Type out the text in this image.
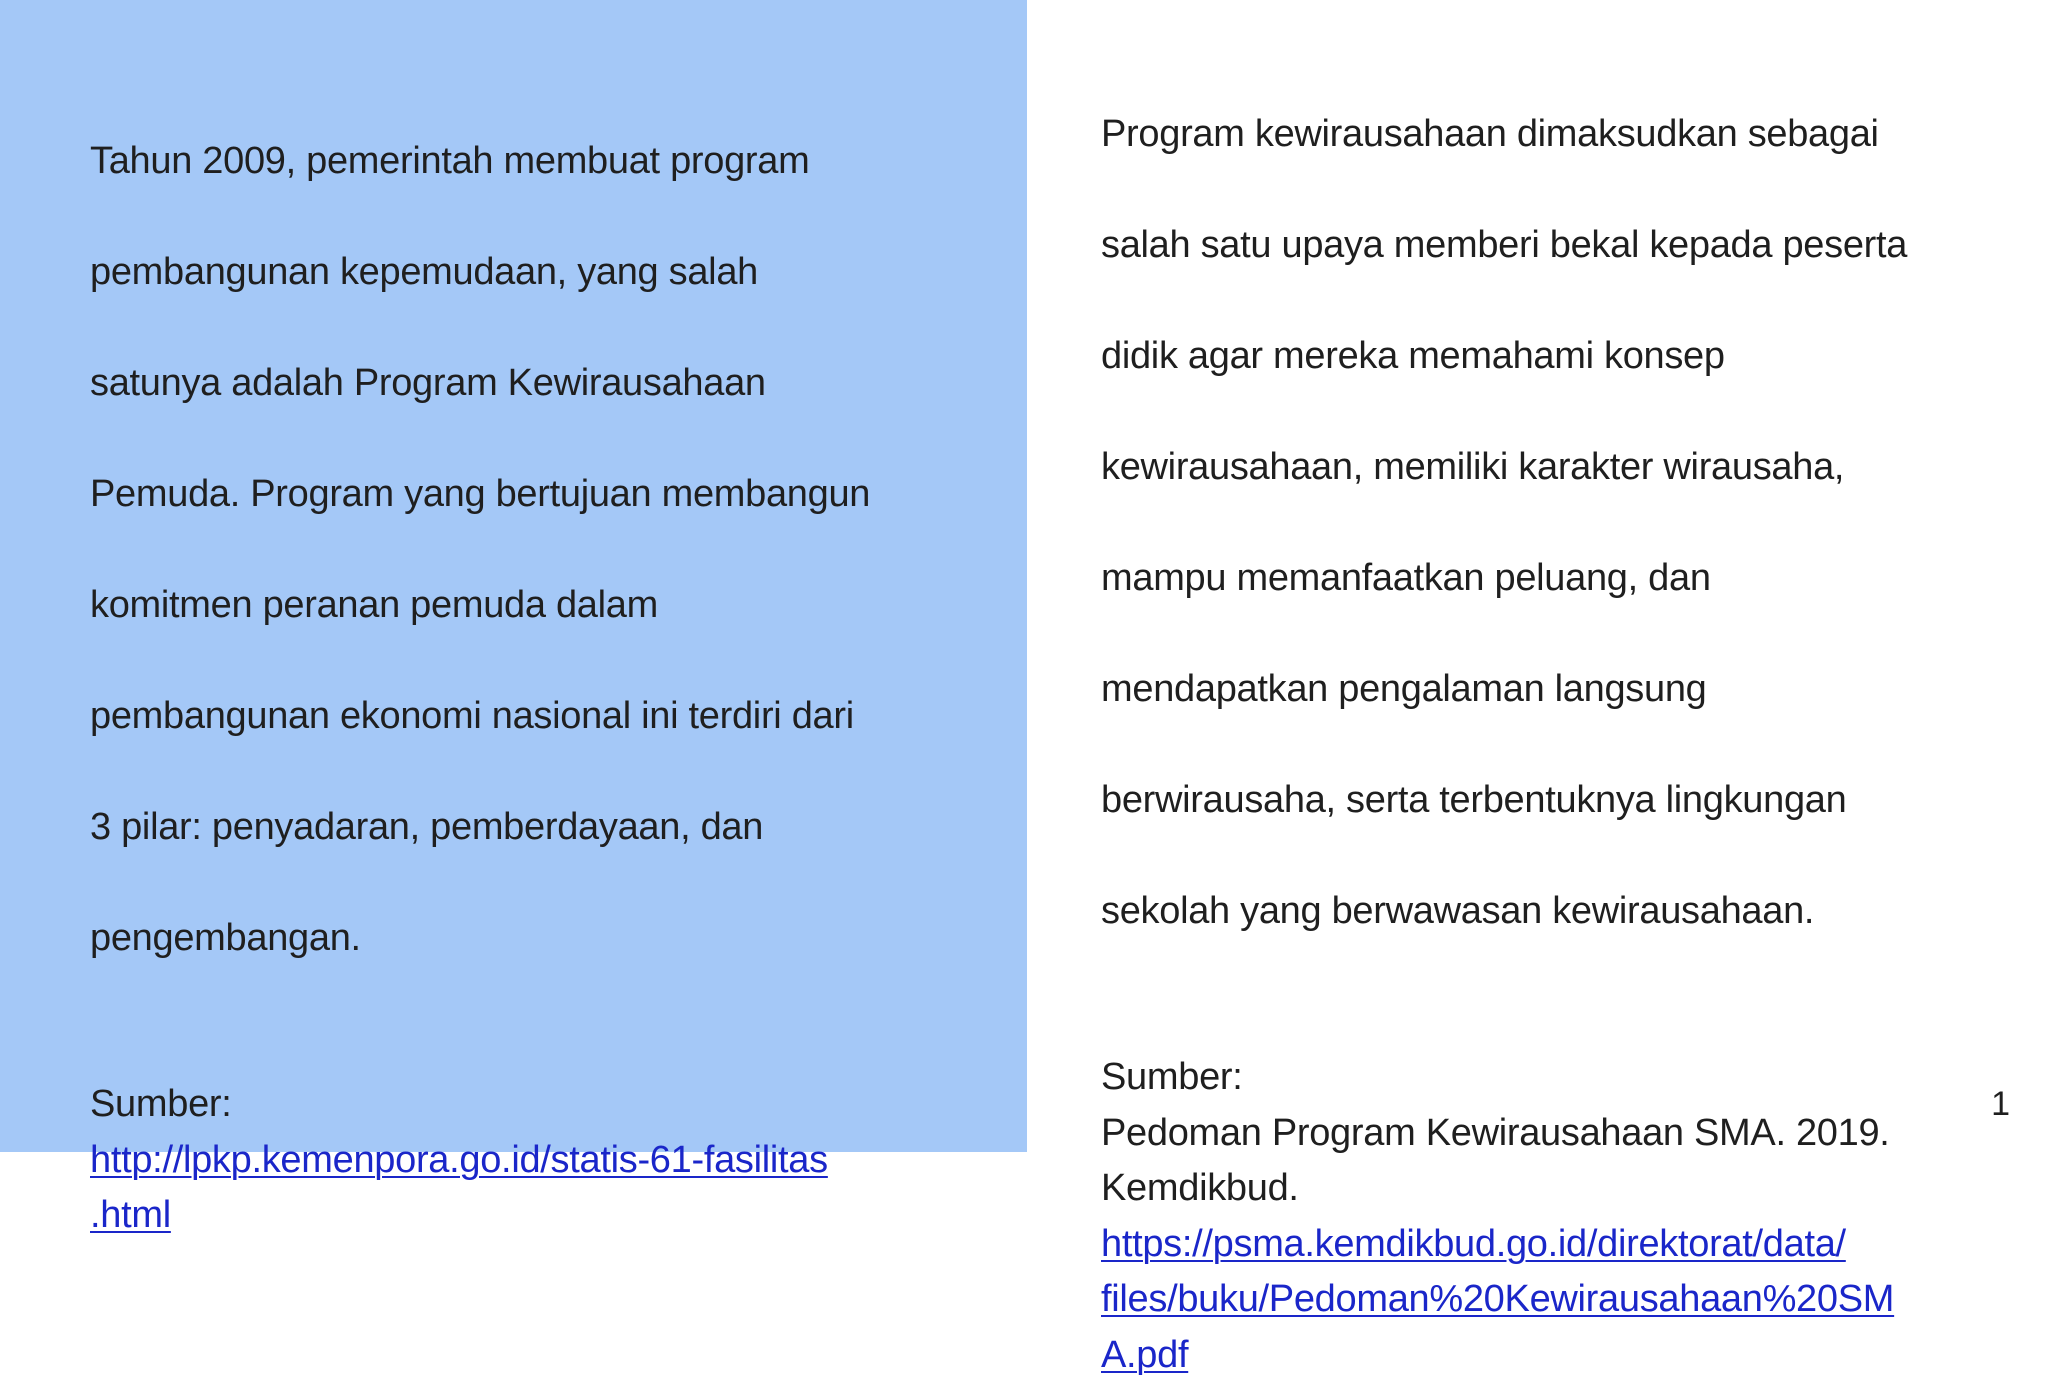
Tahun 2009, pemerintah membuat program

pembangunan kepemudaan, yang salah

satunya adalah Program Kewirausahaan

Pemuda. Program yang bertujuan membangun

komitmen peranan pemuda dalam

pembangunan ekonomi nasional ini terdiri dari

3 pilar: penyadaran, pemberdayaan, dan

pengembangan.

Sumber:
http://lpkp.kemenpora.go.id/statis-61-fasilitas
.html

Program kewirausahaan dimaksudkan sebagai

salah satu upaya memberi bekal kepada peserta

didik agar mereka memahami konsep

kewirausahaan, memiliki karakter wirausaha,

mampu memanfaatkan peluang, dan

mendapatkan pengalaman langsung

berwirausaha, serta terbentuknya lingkungan

sekolah yang berwawasan kewirausahaan.

Sumber:
Pedoman Program Kewirausahaan SMA. 2019.
Kemdikbud.
https://psma.kemdikbud.go.id/direktorat/data/
files/buku/Pedoman%20Kewirausahaan%20SM
A.pdf
1
